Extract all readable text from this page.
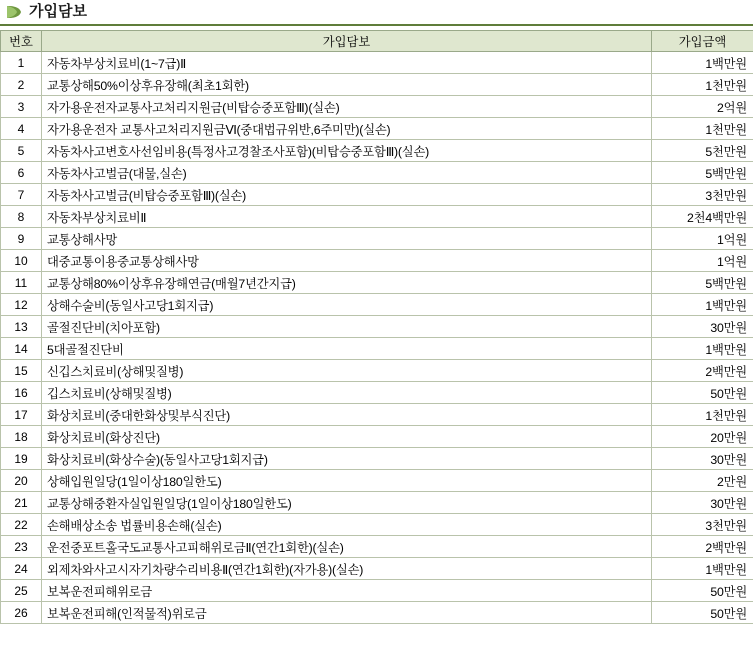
가입담보
번호	가입담보	가입금액
1	자동차부상치료비(1~7급)Ⅱ	1백만원
2	교통상해50%이상후유장해(최초1회한)	1천만원
3	자가용운전자교통사고처리지원금(비탑승중포함Ⅲ)(실손)	2억원
4	자가용운전자 교통사고처리지원금Ⅵ(중대법규위반,6주미만)(실손)	1천만원
5	자동차사고변호사선임비용(특정사고경찰조사포함)(비탑승중포함Ⅲ)(실손)	5천만원
6	자동차사고벌금(대물,실손)	5백만원
7	자동차사고벌금(비탑승중포함Ⅲ)(실손)	3천만원
8	자동차부상치료비Ⅱ	2천4백만원
9	교통상해사망	1억원
10	대중교통이용중교통상해사망	1억원
11	교통상해80%이상후유장해연금(매월7년간지급)	5백만원
12	상해수술비(동일사고당1회지급)	1백만원
13	골절진단비(치아포함)	30만원
14	5대골절진단비	1백만원
15	신깁스치료비(상해및질병)	2백만원
16	깁스치료비(상해및질병)	50만원
17	화상치료비(중대한화상및부식진단)	1천만원
18	화상치료비(화상진단)	20만원
19	화상치료비(화상수술)(동일사고당1회지급)	30만원
20	상해입원일당(1일이상180일한도)	2만원
21	교통상해중환자실입원일당(1일이상180일한도)	30만원
22	손해배상소송 법률비용손해(실손)	3천만원
23	운전중포트홀국도교통사고피해위로금Ⅱ(연간1회한)(실손)	2백만원
24	외제차와사고시자기차량수리비용Ⅱ(연간1회한)(자가용)(실손)	1백만원
25	보복운전피해위로금	50만원
26	보복운전피해(인적물적)위로금	50만원
